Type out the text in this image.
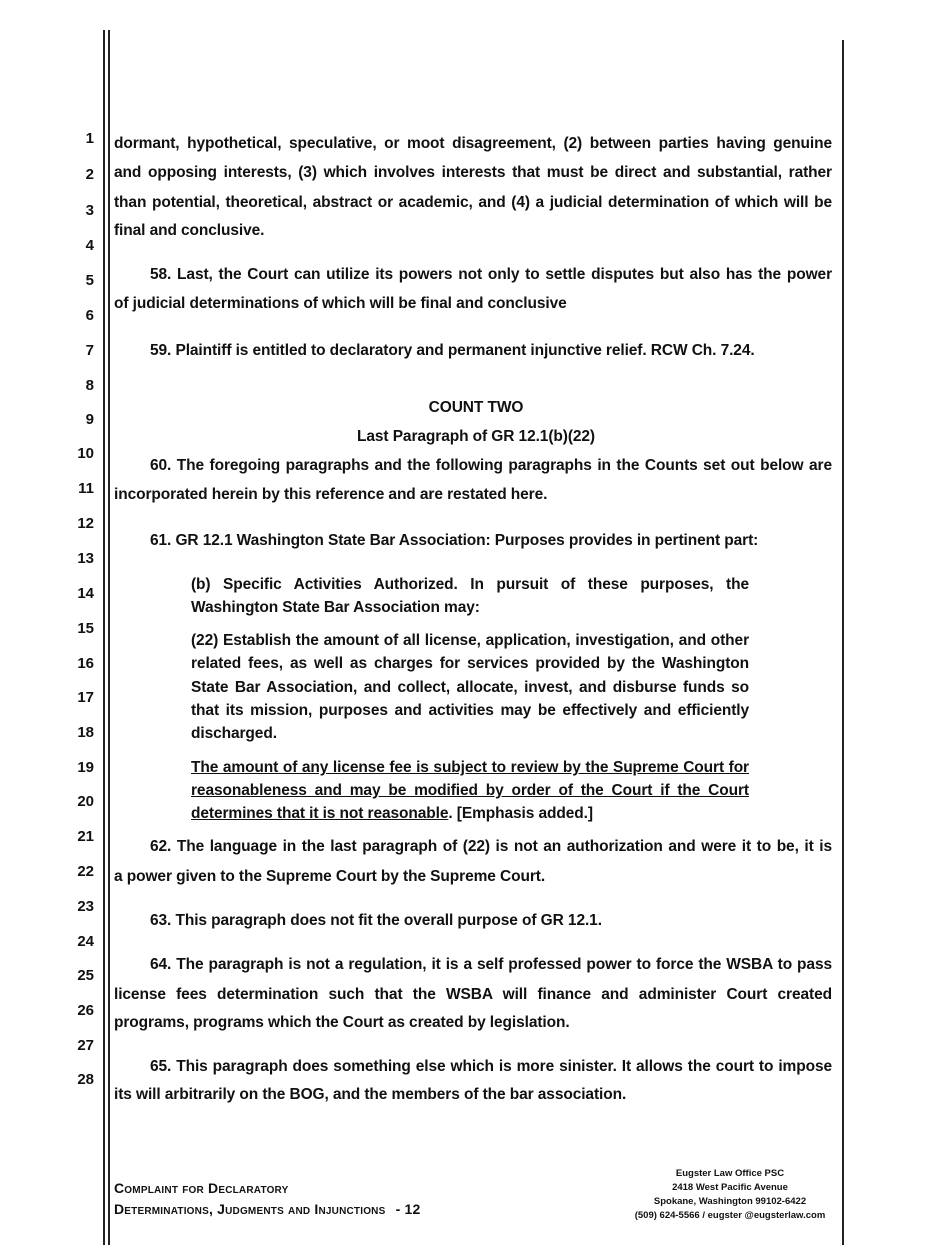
1
2
3
4
5
6
7
8
9
10
11
12
13
14
15
16
17
18
19
20
21
22
23
24
25
26
27
28
dormant, hypothetical, speculative, or moot disagreement, (2) between parties having genuine
and opposing interests, (3) which involves interests that must be direct and substantial, rather
than potential, theoretical, abstract or academic, and (4) a judicial determination of which will be
final and conclusive.
58. Last, the Court can utilize its powers not only to settle disputes but also has the power
of judicial determinations of which will be final and conclusive
59. Plaintiff is entitled to declaratory and permanent injunctive relief. RCW Ch. 7.24.
COUNT TWO
Last Paragraph of GR 12.1(b)(22)
60. The foregoing paragraphs and the following paragraphs in the Counts set out below are
incorporated herein by this reference and are restated here.
61. GR 12.1 Washington State Bar Association: Purposes provides in pertinent part:
(b) Specific Activities Authorized. In pursuit of these purposes, the
Washington State Bar Association may:
(22) Establish the amount of all license, application, investigation, and other
related fees, as well as charges for services provided by the Washington
State Bar Association, and collect, allocate, invest, and disburse funds so
that its mission, purposes and activities may be effectively and efficiently
discharged.
The amount of any license fee is subject to review by the Supreme Court for
reasonableness and may be modified by order of the Court if the Court
determines that it is not reasonable. [Emphasis added.]
62. The language in the last paragraph of (22) is not an authorization and were it to be, it is
a power given to the Supreme Court by the Supreme Court.
63. This paragraph does not fit the overall purpose of GR 12.1.
64. The paragraph is not a regulation, it is a self professed power to force the WSBA to pass
license fees determination such that the WSBA will finance and administer Court created
programs, programs which the Court as created by legislation.
65. This paragraph does something else which is more sinister. It allows the court to impose
its will arbitrarily on the BOG, and the members of the bar association.
Complaint for Declaratory
Determinations, Judgments and Injunctions - 12
Eugster Law Office PSC
2418 West Pacific Avenue
Spokane, Washington 99102-6422
(509) 624-5566 / eugster @eugsterlaw.com
